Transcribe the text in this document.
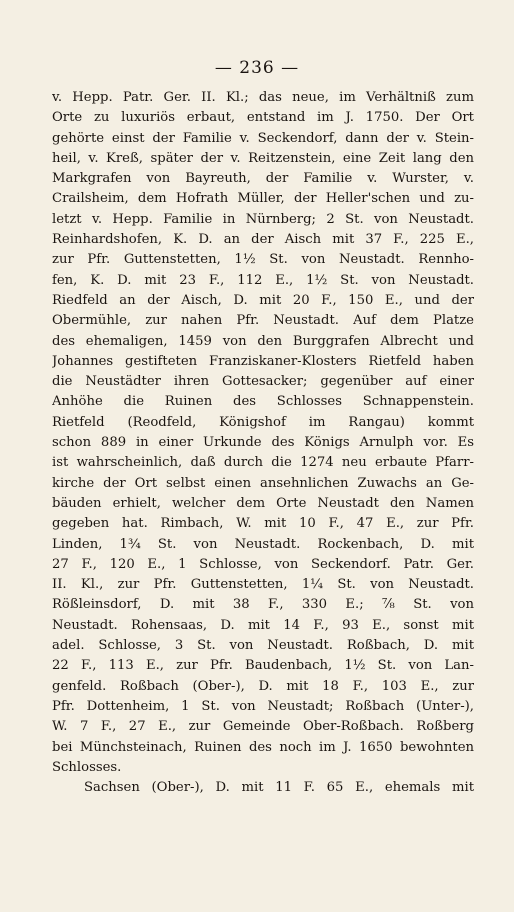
— 236 —
v. Hepp. Patr. Ger. II. Kl.; das neue, im Verhältniß zum
Orte zu luxuriös erbaut, entstand im J. 1750. Der Ort
gehörte einst der Familie v. Seckendorf, dann der v. Stein-
heil, v. Kreß, später der v. Reitzenstein, eine Zeit lang den
Markgrafen von Bayreuth, der Familie v. Wurster, v.
Crailsheim, dem Hofrath Müller, der Heller'schen und zu-
letzt v. Hepp. Familie in Nürnberg; 2 St. von Neustadt.
Reinhardshofen, K. D. an der Aisch mit 37 F., 225 E.,
zur Pfr. Guttenstetten, 1½ St. von Neustadt. Rennho-
fen, K. D. mit 23 F., 112 E., 1½ St. von Neustadt.
Riedfeld an der Aisch, D. mit 20 F., 150 E., und der
Obermühle, zur nahen Pfr. Neustadt. Auf dem Platze
des ehemaligen, 1459 von den Burggrafen Albrecht und
Johannes gestifteten Franziskaner-Klosters Rietfeld haben
die Neustädter ihren Gottesacker; gegenüber auf einer
Anhöhe die Ruinen des Schlosses Schnappenstein.
Rietfeld (Reodfeld, Königshof im Rangau) kommt
schon 889 in einer Urkunde des Königs Arnulph vor. Es
ist wahrscheinlich, daß durch die 1274 neu erbaute Pfarr-
kirche der Ort selbst einen ansehnlichen Zuwachs an Ge-
bäuden erhielt, welcher dem Orte Neustadt den Namen
gegeben hat. Rimbach, W. mit 10 F., 47 E., zur Pfr.
Linden, 1¾ St. von Neustadt. Rockenbach, D. mit
27 F., 120 E., 1 Schlosse, von Seckendorf. Patr. Ger.
II. Kl., zur Pfr. Guttenstetten, 1¼ St. von Neustadt.
Rößleinsdorf, D. mit 38 F., 330 E.; ⅞ St. von
Neustadt. Rohensaas, D. mit 14 F., 93 E., sonst mit
adel. Schlosse, 3 St. von Neustadt. Roßbach, D. mit
22 F., 113 E., zur Pfr. Baudenbach, 1½ St. von Lan-
genfeld. Roßbach (Ober-), D. mit 18 F., 103 E., zur
Pfr. Dottenheim, 1 St. von Neustadt; Roßbach (Unter-),
W. 7 F., 27 E., zur Gemeinde Ober-Roßbach. Roßberg
bei Münchsteinach, Ruinen des noch im J. 1650 bewohnten
Schlosses.
Sachsen (Ober-), D. mit 11 F. 65 E., ehemals mit
